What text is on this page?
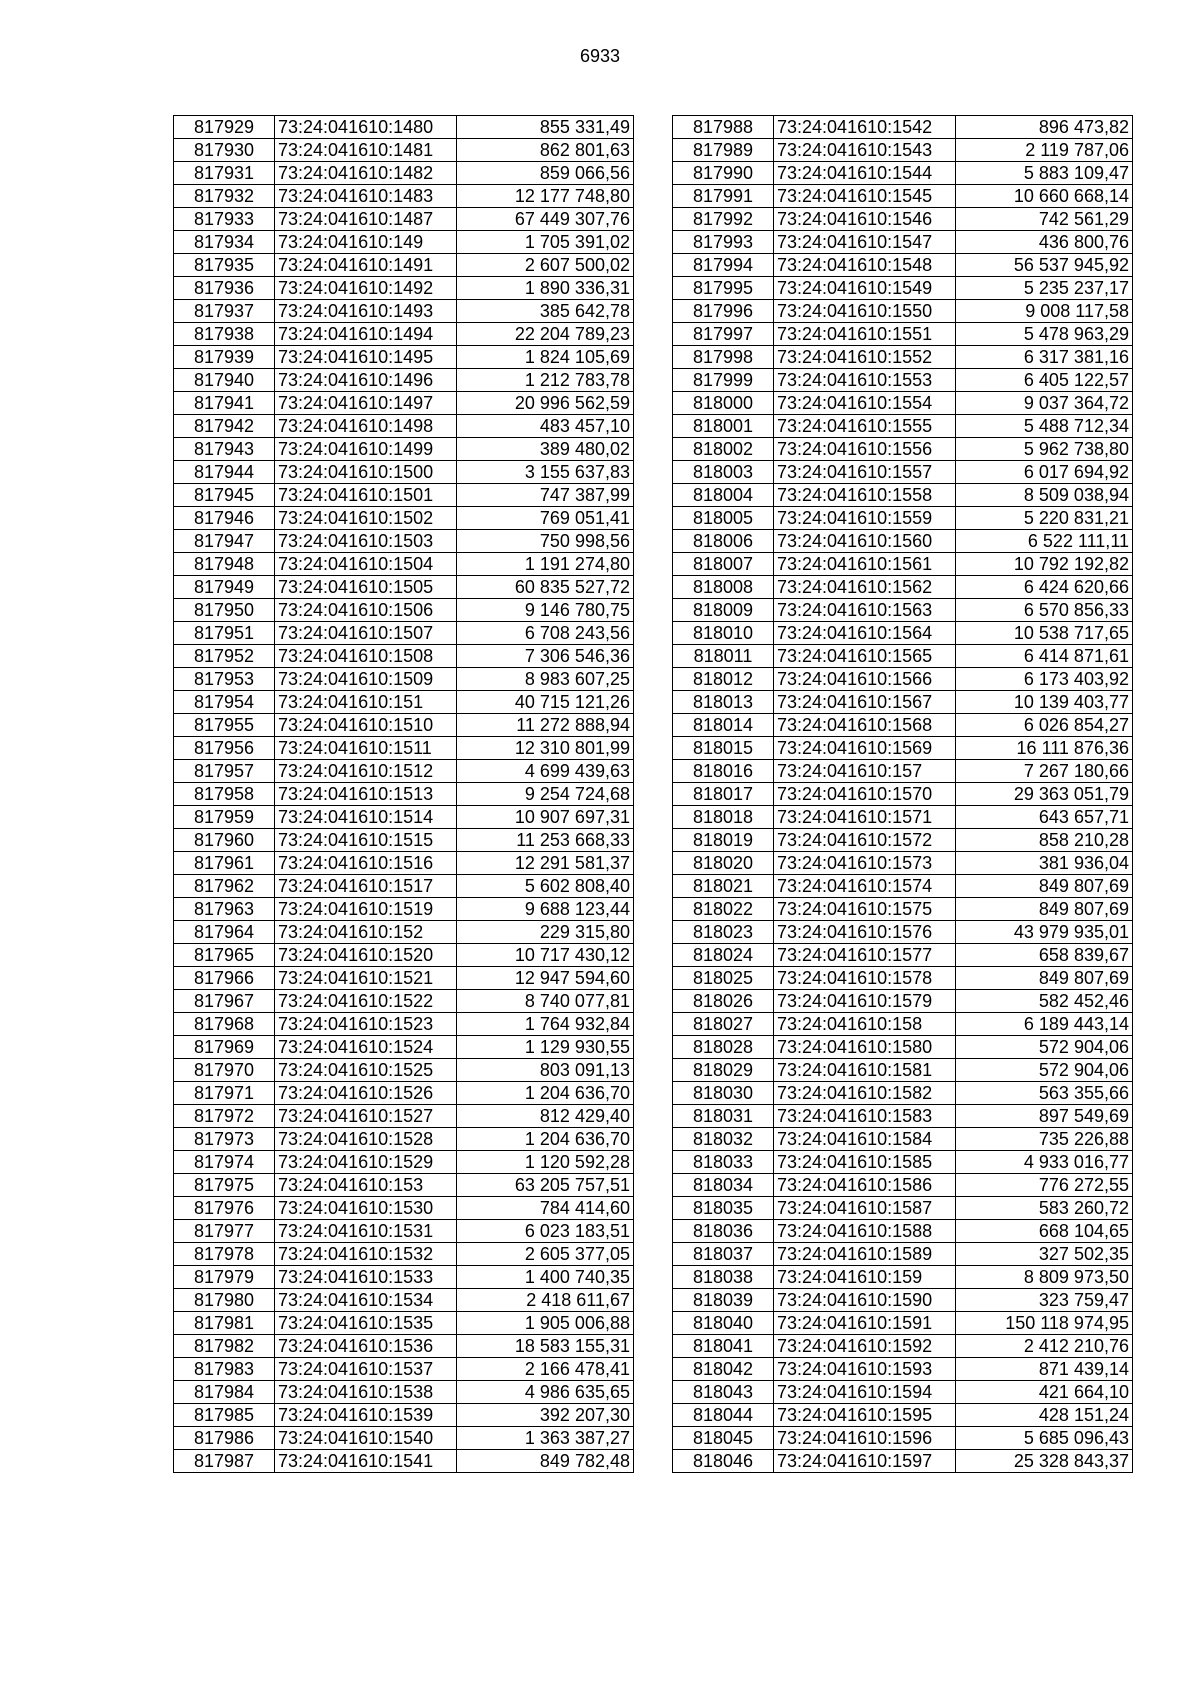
6933
817929	73:24:041610:1480	855 331,49
817930	73:24:041610:1481	862 801,63
817931	73:24:041610:1482	859 066,56
817932	73:24:041610:1483	12 177 748,80
817933	73:24:041610:1487	67 449 307,76
817934	73:24:041610:149	1 705 391,02
817935	73:24:041610:1491	2 607 500,02
817936	73:24:041610:1492	1 890 336,31
817937	73:24:041610:1493	385 642,78
817938	73:24:041610:1494	22 204 789,23
817939	73:24:041610:1495	1 824 105,69
817940	73:24:041610:1496	1 212 783,78
817941	73:24:041610:1497	20 996 562,59
817942	73:24:041610:1498	483 457,10
817943	73:24:041610:1499	389 480,02
817944	73:24:041610:1500	3 155 637,83
817945	73:24:041610:1501	747 387,99
817946	73:24:041610:1502	769 051,41
817947	73:24:041610:1503	750 998,56
817948	73:24:041610:1504	1 191 274,80
817949	73:24:041610:1505	60 835 527,72
817950	73:24:041610:1506	9 146 780,75
817951	73:24:041610:1507	6 708 243,56
817952	73:24:041610:1508	7 306 546,36
817953	73:24:041610:1509	8 983 607,25
817954	73:24:041610:151	40 715 121,26
817955	73:24:041610:1510	11 272 888,94
817956	73:24:041610:1511	12 310 801,99
817957	73:24:041610:1512	4 699 439,63
817958	73:24:041610:1513	9 254 724,68
817959	73:24:041610:1514	10 907 697,31
817960	73:24:041610:1515	11 253 668,33
817961	73:24:041610:1516	12 291 581,37
817962	73:24:041610:1517	5 602 808,40
817963	73:24:041610:1519	9 688 123,44
817964	73:24:041610:152	229 315,80
817965	73:24:041610:1520	10 717 430,12
817966	73:24:041610:1521	12 947 594,60
817967	73:24:041610:1522	8 740 077,81
817968	73:24:041610:1523	1 764 932,84
817969	73:24:041610:1524	1 129 930,55
817970	73:24:041610:1525	803 091,13
817971	73:24:041610:1526	1 204 636,70
817972	73:24:041610:1527	812 429,40
817973	73:24:041610:1528	1 204 636,70
817974	73:24:041610:1529	1 120 592,28
817975	73:24:041610:153	63 205 757,51
817976	73:24:041610:1530	784 414,60
817977	73:24:041610:1531	6 023 183,51
817978	73:24:041610:1532	2 605 377,05
817979	73:24:041610:1533	1 400 740,35
817980	73:24:041610:1534	2 418 611,67
817981	73:24:041610:1535	1 905 006,88
817982	73:24:041610:1536	18 583 155,31
817983	73:24:041610:1537	2 166 478,41
817984	73:24:041610:1538	4 986 635,65
817985	73:24:041610:1539	392 207,30
817986	73:24:041610:1540	1 363 387,27
817987	73:24:041610:1541	849 782,48
817988	73:24:041610:1542	896 473,82
817989	73:24:041610:1543	2 119 787,06
817990	73:24:041610:1544	5 883 109,47
817991	73:24:041610:1545	10 660 668,14
817992	73:24:041610:1546	742 561,29
817993	73:24:041610:1547	436 800,76
817994	73:24:041610:1548	56 537 945,92
817995	73:24:041610:1549	5 235 237,17
817996	73:24:041610:1550	9 008 117,58
817997	73:24:041610:1551	5 478 963,29
817998	73:24:041610:1552	6 317 381,16
817999	73:24:041610:1553	6 405 122,57
818000	73:24:041610:1554	9 037 364,72
818001	73:24:041610:1555	5 488 712,34
818002	73:24:041610:1556	5 962 738,80
818003	73:24:041610:1557	6 017 694,92
818004	73:24:041610:1558	8 509 038,94
818005	73:24:041610:1559	5 220 831,21
818006	73:24:041610:1560	6 522 111,11
818007	73:24:041610:1561	10 792 192,82
818008	73:24:041610:1562	6 424 620,66
818009	73:24:041610:1563	6 570 856,33
818010	73:24:041610:1564	10 538 717,65
818011	73:24:041610:1565	6 414 871,61
818012	73:24:041610:1566	6 173 403,92
818013	73:24:041610:1567	10 139 403,77
818014	73:24:041610:1568	6 026 854,27
818015	73:24:041610:1569	16 111 876,36
818016	73:24:041610:157	7 267 180,66
818017	73:24:041610:1570	29 363 051,79
818018	73:24:041610:1571	643 657,71
818019	73:24:041610:1572	858 210,28
818020	73:24:041610:1573	381 936,04
818021	73:24:041610:1574	849 807,69
818022	73:24:041610:1575	849 807,69
818023	73:24:041610:1576	43 979 935,01
818024	73:24:041610:1577	658 839,67
818025	73:24:041610:1578	849 807,69
818026	73:24:041610:1579	582 452,46
818027	73:24:041610:158	6 189 443,14
818028	73:24:041610:1580	572 904,06
818029	73:24:041610:1581	572 904,06
818030	73:24:041610:1582	563 355,66
818031	73:24:041610:1583	897 549,69
818032	73:24:041610:1584	735 226,88
818033	73:24:041610:1585	4 933 016,77
818034	73:24:041610:1586	776 272,55
818035	73:24:041610:1587	583 260,72
818036	73:24:041610:1588	668 104,65
818037	73:24:041610:1589	327 502,35
818038	73:24:041610:159	8 809 973,50
818039	73:24:041610:1590	323 759,47
818040	73:24:041610:1591	150 118 974,95
818041	73:24:041610:1592	2 412 210,76
818042	73:24:041610:1593	871 439,14
818043	73:24:041610:1594	421 664,10
818044	73:24:041610:1595	428 151,24
818045	73:24:041610:1596	5 685 096,43
818046	73:24:041610:1597	25 328 843,37
